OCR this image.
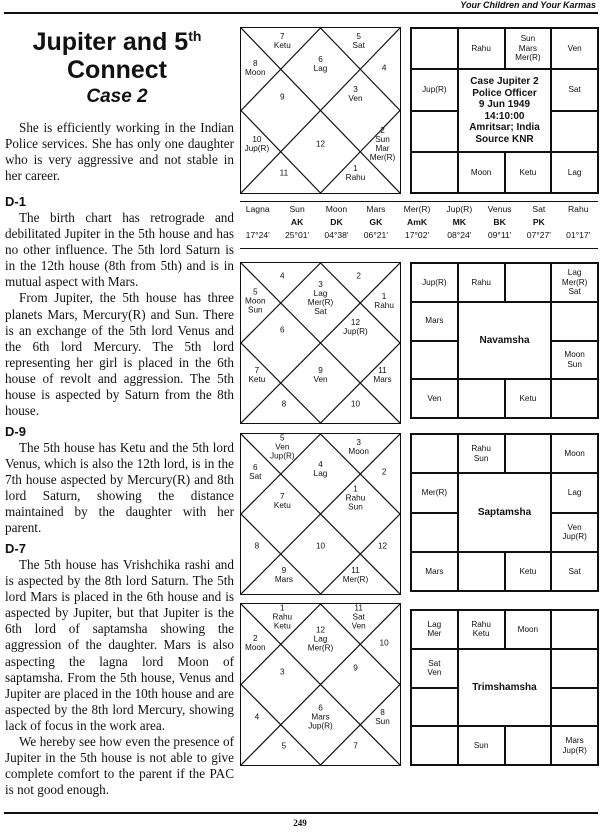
Your Children and Your Karmas
Jupiter and 5th
Connect
Case 2

She is efficiently working in the Indian Police services. She has only one daughter who is very aggressive and not stable in her career.

D-1

The birth chart has retrograde and debilitated Jupiter in the 5th house and has no other influence. The 5th lord Saturn is in the 12th house (8th from 5th) and is in mutual aspect with Mars.

From Jupiter, the 5th house has three planets Mars, Mercury(R) and Sun. There is an exchange of the 5th lord Venus and the 6th lord Mercury. The 5th lord representing her girl is placed in the 6th house of revolt and aggression. The 5th house is aspected by Saturn from the 8th house.

D-9

The 5th house has Ketu and the 5th lord Venus, which is also the 12th lord, is in the 7th house aspected by Mercury(R) and 8th lord Saturn, showing the distance maintained by the daughter with her parent.

D-7

The 5th house has Vrishchika rashi and is aspected by the 8th lord Saturn. The 5th lord Mars is placed in the 6th house and is aspected by Jupiter, but that Jupiter is the 6th lord of saptamsha showing the aggression of the daughter. Mars is also aspecting the lagna lord Moon of saptamsha. From the 5th house, Venus and Jupiter are placed in the 10th house and are aspected by the 8th lord Mercury, showing lack of focus in the work area.

We hereby see how even the presence of Jupiter in the 5th house is not able to give complete comfort to the parent if the PAC is not good enough.

7
Ketu
6
Lag
5
Sat
4
8
Moon
9
3
Ven
12
10
Jup(R)
11	1
Rahu
2
Sun
Mar
Mer(R)
4
3
Lag
Mer(R)
Sat
2
1
Rahu
5
Moon
Sun
6
12
Jup(R)
9
Ven
7
Ketu
8	10
11
Mars
5
Ven
Jup(R)
4
Lag
3
Moon
2
6
Sat
7
Ketu
1
Rahu
Sun
10
8
9
Mars
11
Mer(R)
12
1
Rahu
Ketu
12
Lag
Mer(R)
11
Sat
Ven
10
2
Moon
3	9
6
Mars
Jup(R)
4
5	7
8
Sun
Rahu
Sun
Mars
Mer(R)
Ven
Jup(R)	Sat
Moon	Ketu	Lag
Case Jupiter 2
Police Officer
9 Jun 1949
14:10:00
Amritsar; India
Source KNR
Jup(R)	Rahu
Lag
Mer(R)
Sat
Mars
Moon
Sun
Ven	Ketu
Navamsha
Rahu
Sun
Moon
Mer(R)	Lag
Ven
Jup(R)
Mars	Ketu	Sat
Saptamsha
Lag
Mer
Rahu
Ketu
Moon
Sat
Ven
Sun
Mars
Jup(R)
Trimshamsha
Lagna	Sun	Moon	Mars	Mer(R)	Jup(R)	Venus	Sat	Rahu
	AK	DK	GK	AmK	MK	BK	PK	
17°24'	25°01'	04°38'	06°21'	17°02'	08°24'	09°11'	07°27'	01°17'
249
